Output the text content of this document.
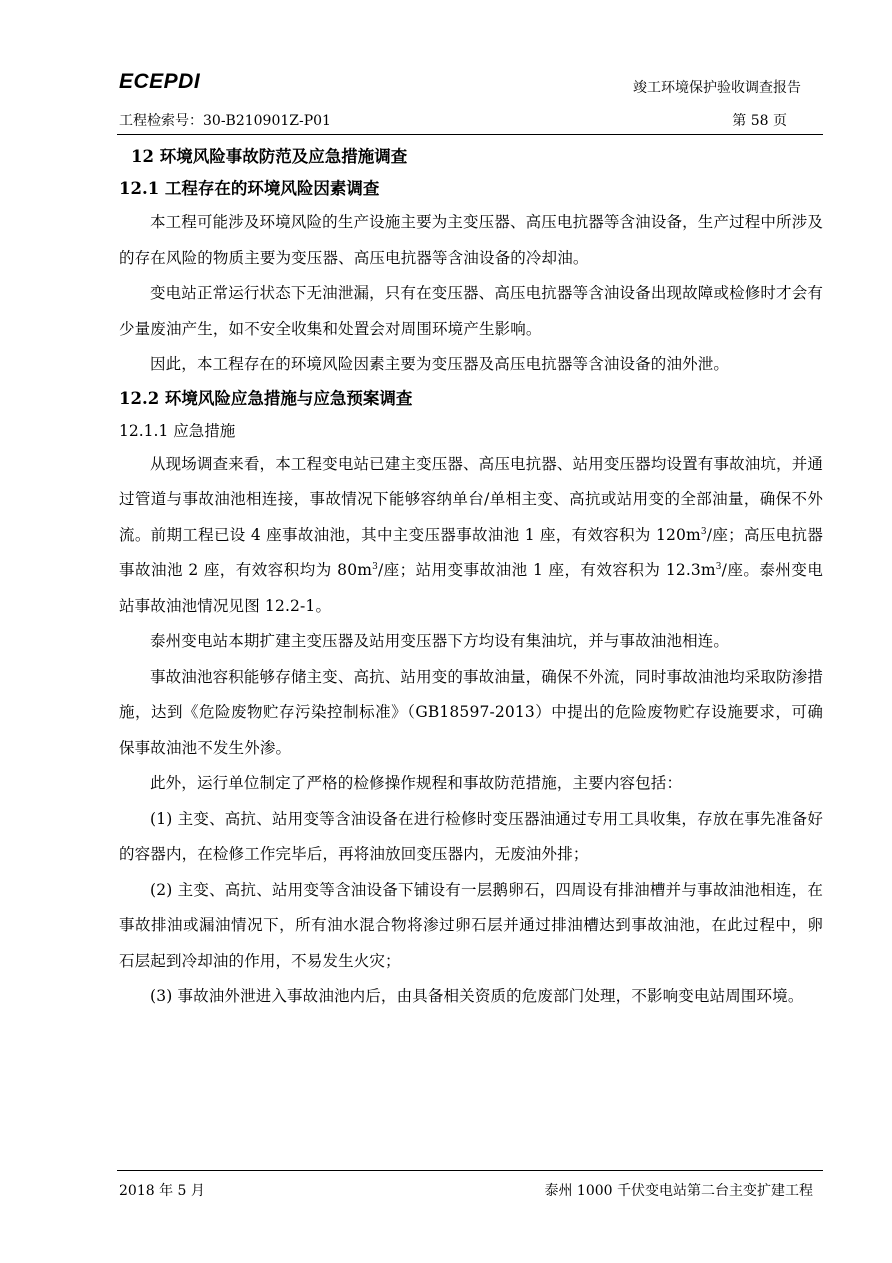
ECEPDI	竣工环境保护验收调查报告
工程检索号：30-B210901Z-P01	第 58 页
12 环境风险事故防范及应急措施调查
12.1 工程存在的环境风险因素调查

本工程可能涉及环境风险的生产设施主要为主变压器、高压电抗器等含油设备，生产过程中所涉及的存在风险的物质主要为变压器、高压电抗器等含油设备的冷却油。

变电站正常运行状态下无油泄漏，只有在变压器、高压电抗器等含油设备出现故障或检修时才会有少量废油产生，如不安全收集和处置会对周围环境产生影响。

因此，本工程存在的环境风险因素主要为变压器及高压电抗器等含油设备的油外泄。

12.2 环境风险应急措施与应急预案调查
12.1.1 应急措施

从现场调查来看，本工程变电站已建主变压器、高压电抗器、站用变压器均设置有事故油坑，并通过管道与事故油池相连接，事故情况下能够容纳单台/单相主变、高抗或站用变的全部油量，确保不外流。前期工程已设 4 座事故油池，其中主变压器事故油池 1 座，有效容积为 $120m^3/$座；高压电抗器事故油池 2 座，有效容积均为 $80m^3/$座；站用变事故油池 1 座，有效容积为 $12.3m^3/$座。泰州变电站事故油池情况见图 12.2-1。

泰州变电站本期扩建主变压器及站用变压器下方均设有集油坑，并与事故油池相连。

事故油池容积能够存储主变、高抗、站用变的事故油量，确保不外流，同时事故油池均采取防渗措施，达到《危险废物贮存污染控制标准》（GB18597-2013）中提出的危险废物贮存设施要求，可确保事故油池不发生外渗。

此外，运行单位制定了严格的检修操作规程和事故防范措施，主要内容包括：

(1) 主变、高抗、站用变等含油设备在进行检修时变压器油通过专用工具收集，存放在事先准备好的容器内，在检修工作完毕后，再将油放回变压器内，无废油外排；

(2) 主变、高抗、站用变等含油设备下铺设有一层鹅卵石，四周设有排油槽并与事故油池相连，在事故排油或漏油情况下，所有油水混合物将渗过卵石层并通过排油槽达到事故油池，在此过程中，卵石层起到冷却油的作用，不易发生火灾；

(3) 事故油外泄进入事故油池内后，由具备相关资质的危废部门处理，不影响变电站周围环境。

2018 年 5 月	泰州 1000 千伏变电站第二台主变扩建工程
